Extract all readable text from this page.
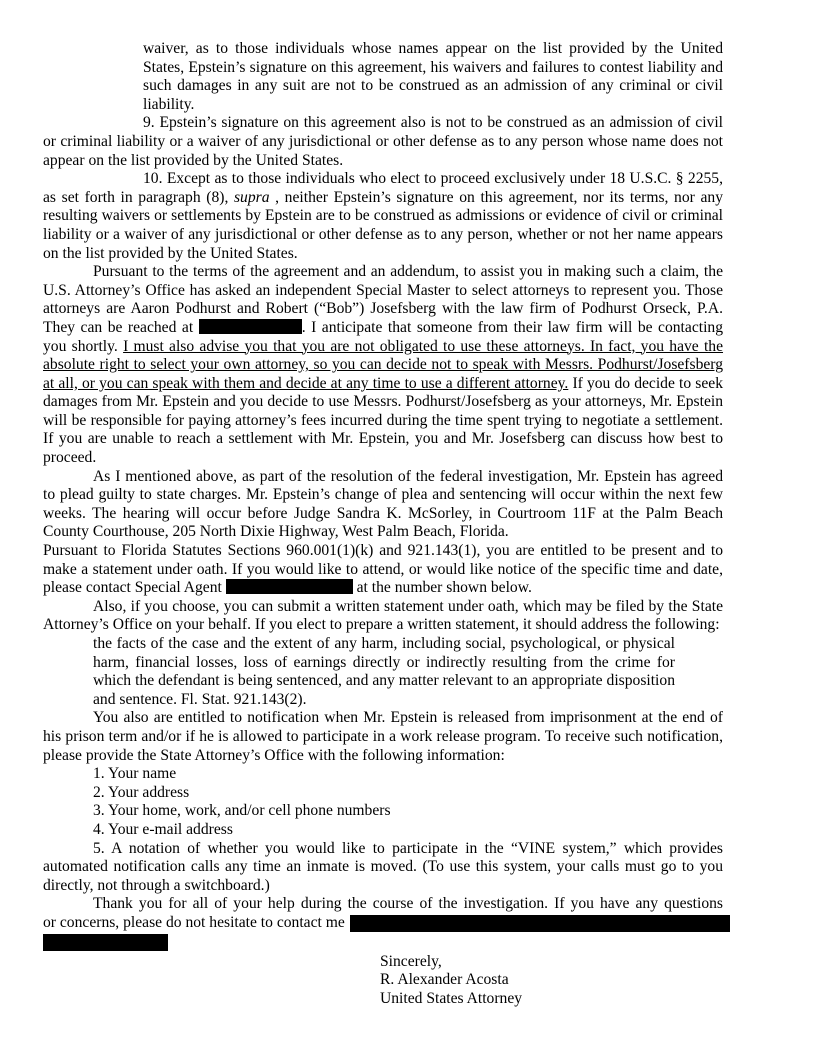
waiver, as to those individuals whose names appear on the list provided by the United States, Epstein’s signature on this agreement, his waivers and failures to contest liability and such damages in any suit are not to be construed as an admission of any criminal or civil liability.

9. Epstein’s signature on this agreement also is not to be construed as an admission of civil or criminal liability or a waiver of any jurisdictional or other defense as to any person whose name does not appear on the list provided by the United States.

10. Except as to those individuals who elect to proceed exclusively under 18 U.S.C. § 2255, as set forth in paragraph (8), supra , neither Epstein’s signature on this agreement, nor its terms, nor any resulting waivers or settlements by Epstein are to be construed as admissions or evidence of civil or criminal liability or a waiver of any jurisdictional or other defense as to any person, whether or not her name appears on the list provided by the United States.

Pursuant to the terms of the agreement and an addendum, to assist you in making such a claim, the U.S. Attorney’s Office has asked an independent Special Master to select attorneys to represent you. Those attorneys are Aaron Podhurst and Robert (“Bob”) Josefsberg with the law firm of Podhurst Orseck, P.A. They can be reached at	. I anticipate that someone from their law firm will be contacting you shortly. I must also advise you that you are not obligated to use these attorneys. In fact, you have the absolute right to select your own attorney, so you can decide not to speak with Messrs. Podhurst/Josefsberg at all, or you can speak with them and decide at any time to use a different attorney. If you do decide to seek damages from Mr. Epstein and you decide to use Messrs. Podhurst/Josefsberg as your attorneys, Mr. Epstein will be responsible for paying attorney’s fees incurred during the time spent trying to negotiate a settlement. If you are unable to reach a settlement with Mr. Epstein, you and Mr. Josefsberg can discuss how best to proceed.

As I mentioned above, as part of the resolution of the federal investigation, Mr. Epstein has agreed to plead guilty to state charges. Mr. Epstein’s change of plea and sentencing will occur within the next few weeks. The hearing will occur before Judge Sandra K. McSorley, in Courtroom 11F at the Palm Beach County Courthouse, 205 North Dixie Highway, West Palm Beach, Florida.

Pursuant to Florida Statutes Sections 960.001(1)(k) and 921.143(1), you are entitled to be present and to make a statement under oath. If you would like to attend, or would like notice of the specific time and date, please contact Special Agent	at the number shown below.

Also, if you choose, you can submit a written statement under oath, which may be filed by the State Attorney’s Office on your behalf. If you elect to prepare a written statement, it should address the following:

the facts of the case and the extent of any harm, including social, psychological, or physical harm, financial losses, loss of earnings directly or indirectly resulting from the crime for which the defendant is being sentenced, and any matter relevant to an appropriate disposition and sentence. Fl. Stat. 921.143(2).

You also are entitled to notification when Mr. Epstein is released from imprisonment at the end of his prison term and/or if he is allowed to participate in a work release program. To receive such notification, please provide the State Attorney’s Office with the following information:

1. Your name
2. Your address
3. Your home, work, and/or cell phone numbers
4. Your e-mail address

5. A notation of whether you would like to participate in the “VINE system,” which provides automated notification calls any time an inmate is moved. (To use this system, your calls must go to you directly, not through a switchboard.)

Thank you for all of your help during the course of the investigation. If you have any questions

or concerns, please do not hesitate to contact me
Sincerely,
R. Alexander Acosta
United States Attorney
